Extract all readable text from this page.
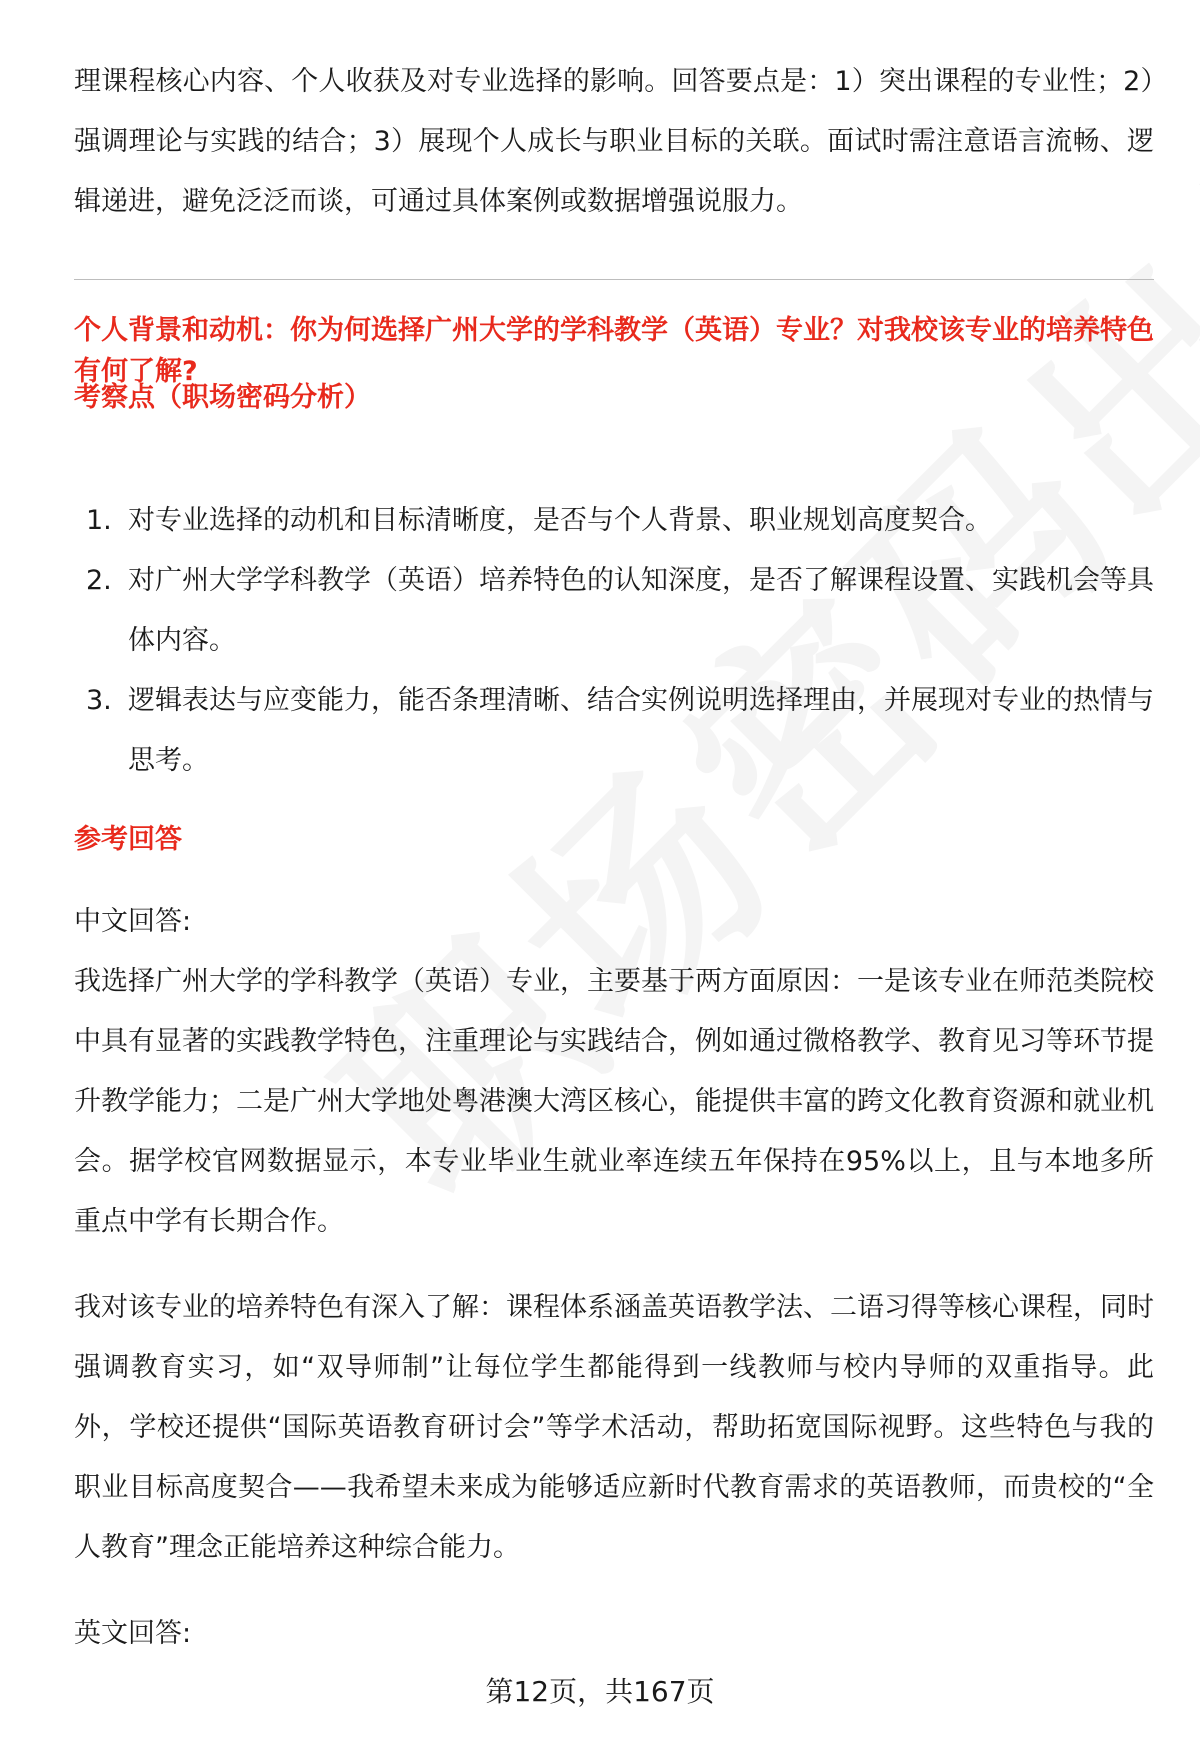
理课程核心内容、个人收获及对专业选择的影响。回答要点是：1）突出课程的专业性；2）强调理论与实践的结合；3）展现个人成长与职业目标的关联。面试时需注意语言流畅、逻辑递进，避免泛泛而谈，可通过具体案例或数据增强说服力。

个人背景和动机：你为何选择广州大学的学科教学（英语）专业？对我校该专业的培养特色有何了解?

考察点（职场密码分析）

1. 对专业选择的动机和目标清晰度，是否与个人背景、职业规划高度契合。
2. 对广州大学学科教学（英语）培养特色的认知深度，是否了解课程设置、实践机会等具体内容。
3. 逻辑表达与应变能力，能否条理清晰、结合实例说明选择理由，并展现对专业的热情与思考。

参考回答

中文回答:

我选择广州大学的学科教学（英语）专业，主要基于两方面原因：一是该专业在师范类院校中具有显著的实践教学特色，注重理论与实践结合，例如通过微格教学、教育见习等环节提升教学能力；二是广州大学地处粤港澳大湾区核心，能提供丰富的跨文化教育资源和就业机会。据学校官网数据显示，本专业毕业生就业率连续五年保持在95%以上，且与本地多所重点中学有长期合作。

我对该专业的培养特色有深入了解：课程体系涵盖英语教学法、二语习得等核心课程，同时强调教育实习，如“双导师制”让每位学生都能得到一线教师与校内导师的双重指导。此外，学校还提供“国际英语教育研讨会”等学术活动，帮助拓宽国际视野。这些特色与我的职业目标高度契合——我希望未来成为能够适应新时代教育需求的英语教师，而贵校的“全人教育”理念正能培养这种综合能力。

英文回答:

第12页，共167页
